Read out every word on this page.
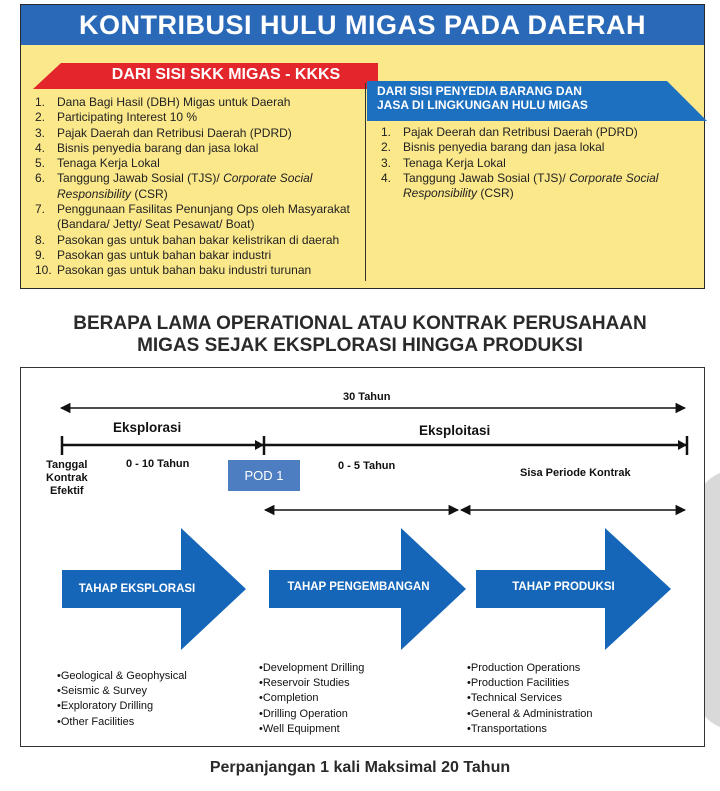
KONTRIBUSI HULU MIGAS PADA DAERAH
DARI SISI SKK MIGAS - KKKS
DARI SISI PENYEDIA BARANG DAN
JASA DI LINGKUNGAN HULU MIGAS
1. Dana Bagi Hasil (DBH) Migas untuk Daerah
2. Participating Interest 10 %
3. Pajak Daerah dan Retribusi Daerah (PDRD)
4. Bisnis penyedia barang dan jasa lokal
5. Tenaga Kerja Lokal
6. Tanggung Jawab Sosial (TJS)/ Corporate Social Responsibility (CSR)
7. Penggunaan Fasilitas Penunjang Ops oleh Masyarakat (Bandara/ Jetty/ Seat Pesawat/ Boat)
8. Pasokan gas untuk bahan bakar kelistrikan di daerah
9. Pasokan gas untuk bahan bakar industri
10. Pasokan gas untuk bahan baku industri turunan
1. Pajak Deerah dan Retribusi Daerah (PDRD)
2. Bisnis penyedia barang dan jasa lokal
3. Tenaga Kerja Lokal
4. Tanggung Jawab Sosial (TJS)/ Corporate Social Responsibility (CSR)
BERAPA LAMA OPERATIONAL ATAU KONTRAK PERUSAHAAN
MIGAS SEJAK EKSPLORASI HINGGA PRODUKSI
30 Tahun
Eksplorasi	Eksploitasi
Tanggal
Kontrak
Efektif
0 - 10 Tahun
POD 1
0 - 5 Tahun
Sisa Periode Kontrak
TAHAP EKSPLORASI	TAHAP PENGEMBANGAN	TAHAP PRODUKSI
• Geological & Geophysical
• Seismic & Survey
• Exploratory Drilling
• Other Facilities
• Development Drilling
• Reservoir Studies
• Completion
• Drilling Operation
• Well Equipment
• Production Operations
• Production Facilities
• Technical Services
• General & Administration
• Transportations
Perpanjangan 1 kali Maksimal 20 Tahun
